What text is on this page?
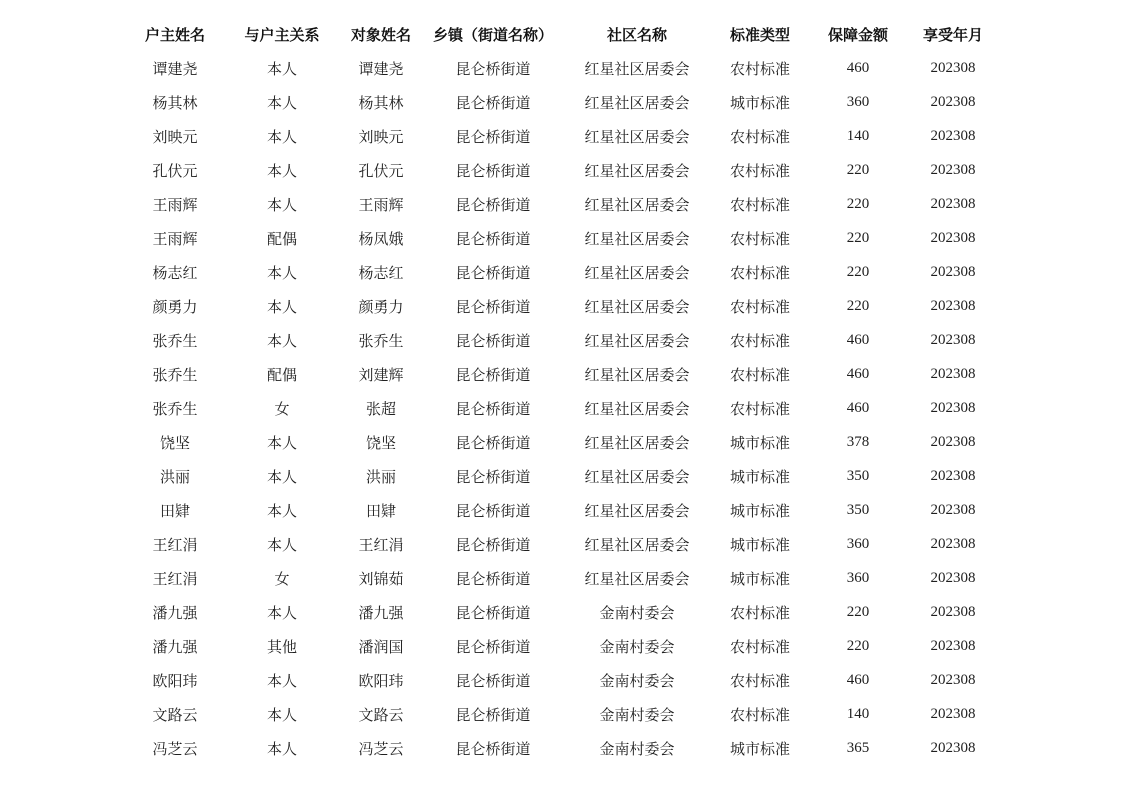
户主姓名	与户主关系	对象姓名	乡镇（街道名称）	社区名称	标准类型	保障金额	享受年月
谭建尧	本人	谭建尧	昆仑桥街道	红星社区居委会	农村标准	460	202308
杨其林	本人	杨其林	昆仑桥街道	红星社区居委会	城市标准	360	202308
刘映元	本人	刘映元	昆仑桥街道	红星社区居委会	农村标准	140	202308
孔伏元	本人	孔伏元	昆仑桥街道	红星社区居委会	农村标准	220	202308
王雨辉	本人	王雨辉	昆仑桥街道	红星社区居委会	农村标准	220	202308
王雨辉	配偶	杨凤娥	昆仑桥街道	红星社区居委会	农村标准	220	202308
杨志红	本人	杨志红	昆仑桥街道	红星社区居委会	农村标准	220	202308
颜勇力	本人	颜勇力	昆仑桥街道	红星社区居委会	农村标准	220	202308
张乔生	本人	张乔生	昆仑桥街道	红星社区居委会	农村标准	460	202308
张乔生	配偶	刘建辉	昆仑桥街道	红星社区居委会	农村标准	460	202308
张乔生	女	张超	昆仑桥街道	红星社区居委会	农村标准	460	202308
饶坚	本人	饶坚	昆仑桥街道	红星社区居委会	城市标准	378	202308
洪丽	本人	洪丽	昆仑桥街道	红星社区居委会	城市标准	350	202308
田肄	本人	田肄	昆仑桥街道	红星社区居委会	城市标准	350	202308
王红涓	本人	王红涓	昆仑桥街道	红星社区居委会	城市标准	360	202308
王红涓	女	刘锦茹	昆仑桥街道	红星社区居委会	城市标准	360	202308
潘九强	本人	潘九强	昆仑桥街道	金南村委会	农村标准	220	202308
潘九强	其他	潘润国	昆仑桥街道	金南村委会	农村标准	220	202308
欧阳玮	本人	欧阳玮	昆仑桥街道	金南村委会	农村标准	460	202308
文路云	本人	文路云	昆仑桥街道	金南村委会	农村标准	140	202308
冯芝云	本人	冯芝云	昆仑桥街道	金南村委会	城市标准	365	202308
